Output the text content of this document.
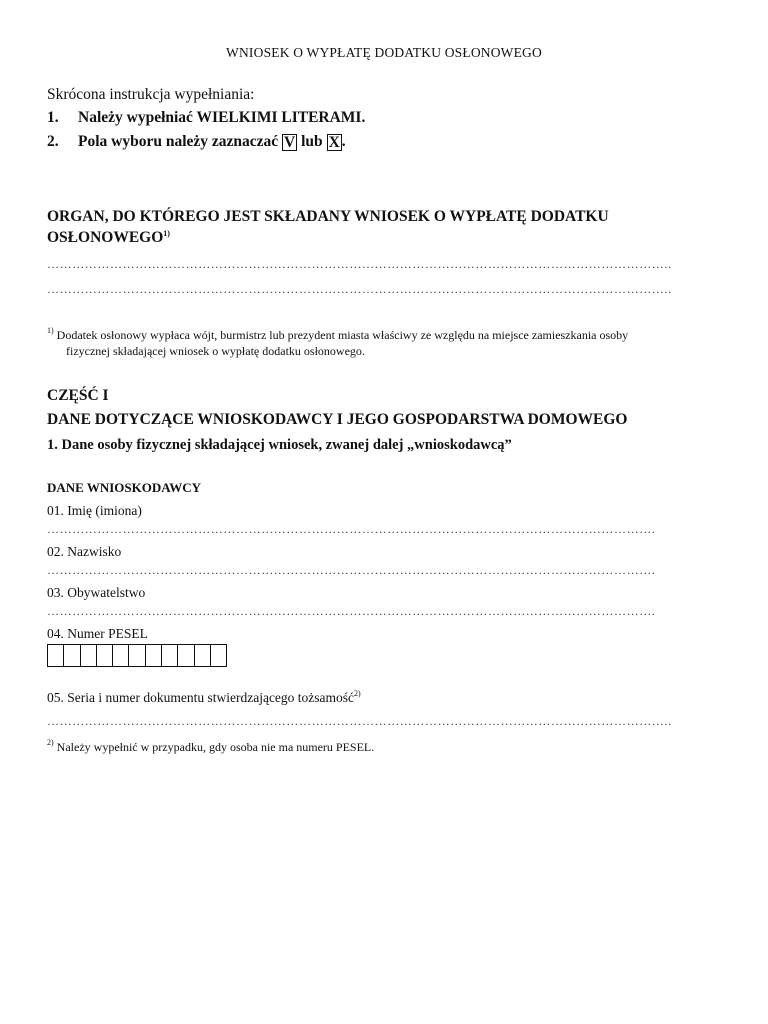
WNIOSEK O WYPŁATĘ DODATKU OSŁONOWEGO
Skrócona instrukcja wypełniania:
1. Należy wypełniać WIELKIMI LITERAMI.
2. Pola wyboru należy zaznaczać V lub X .
ORGAN, DO KTÓREGO JEST SKŁADANY WNIOSEK O WYPŁATĘ DODATKU
OSŁONOWEGO$^{1)}$
…………………………………………………………………………………………………………………………………..
…………………………………………………………………………………………………………………………………..
$^{1)}$ Dodatek osłonowy wypłaca wójt, burmistrz lub prezydent miasta właściwy ze względu na miejsce zamieszkania osoby
fizycznej składającej wniosek o wypłatę dodatku osłonowego.
CZĘŚĆ I
DANE DOTYCZĄCE WNIOSKODAWCY I JEGO GOSPODARSTWA DOMOWEGO
1. Dane osoby fizycznej składającej wniosek, zwanej dalej „wnioskodawcą”
DANE WNIOSKODAWCY
01. Imię (imiona)
……………………………………………………………………………………………………………………………….
02. Nazwisko
……………………………………………………………………………………………………………………………….
03. Obywatelstwo
……………………………………………………………………………………………………………………………….
04. Numer PESEL
05. Seria i numer dokumentu stwierdzającego tożsamość$^{2)}$
…………………………………………………………………………………………………………………………………..
$^{2)}$ Należy wypełnić w przypadku, gdy osoba nie ma numeru PESEL.
